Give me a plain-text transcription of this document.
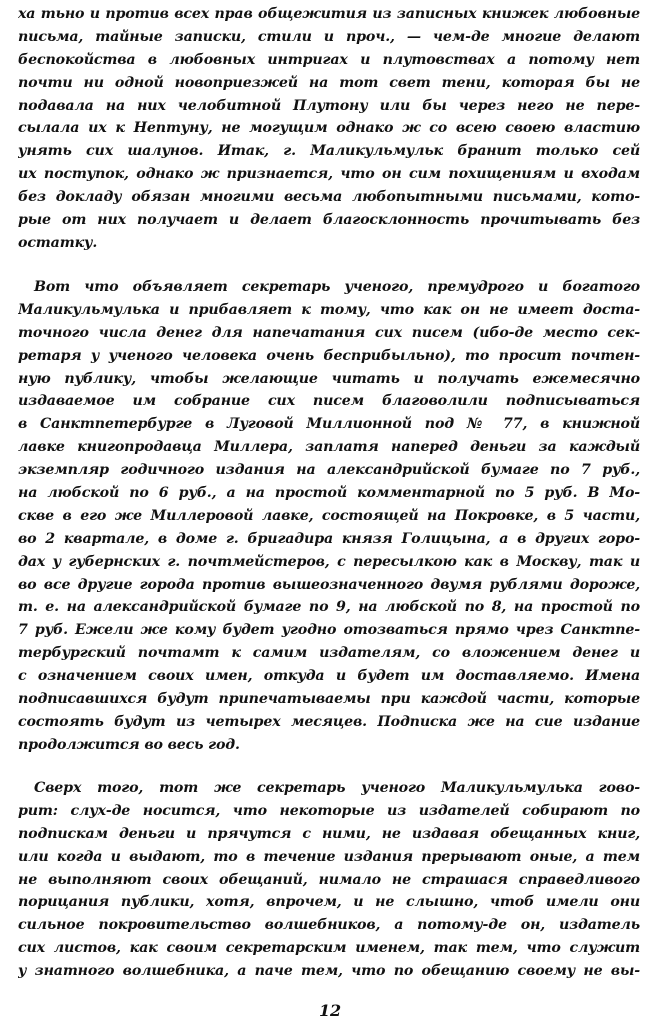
ха тьно и против всех прав общежития из записных книжек любовные
письма, тайные записки, стили и проч., — чем-де многие делают
беспокойства в любовных интригах и плутовствах а потому нет
почти ни одной новоприезжей на тот свет тени, которая бы не
подавала на них челобитной Плутону или бы через него не пере-
сылала их к Нептуну, не могущим однако ж со всею своею властию
унять сих шалунов. Итак, г. Маликульмульк бранит только сей
их поступок, однако ж признается, что он сим похищениям и входам
без докладу обязан многими весьма любопытными письмами, кото-
рые от них получает и делает благосклонность прочитывать без
остатку.
Вот что объявляет секретарь ученого, премудрого и богатого
Маликульмулька и прибавляет к тому, что как он не имеет доста-
точного числа денег для напечатания сих писем (ибо-де место сек-
ретаря у ученого человека очень бесприбыльно), то просит почтен-
ную публику, чтобы желающие читать и получать ежемесячно
издаваемое им собрание сих писем благоволили подписываться
в Санктпетербурге в Луговой Миллионной под № 77, в книжной
лавке книгопродавца Миллера, заплатя наперед деньги за каждый
экземпляр годичного издания на александрийской бумаге по 7 руб.,
на любской по 6 руб., а на простой комментарной по 5 руб. В Мо-
скве в его же Миллеровой лавке, состоящей на Покровке, в 5 части,
во 2 квартале, в доме г. бригадира князя Голицына, а в других горо-
дах у губернских г. почтмейстеров, с пересылкою как в Москву, так и
во все другие города против вышеозначенного двумя рублями дороже,
т. е. на александрийской бумаге по 9, на любской по 8, на простой по
7 руб. Ежели же кому будет угодно отозваться прямо чрез Санктпе-
тербургский почтамт к самим издателям, со вложением денег и
с означением своих имен, откуда и будет им доставляемо. Имена
подписавшихся будут припечатываемы при каждой части, которые
состоять будут из четырех месяцев. Подписка же на сие издание
продолжится во весь год.
Сверх того, тот же секретарь ученого Маликульмулька гово-
рит: слух-де носится, что некоторые из издателей собирают по
подпискам деньги и прячутся с ними, не издавая обещанных книг,
или когда и выдают, то в течение издания прерывают оные, а тем
не выполняют своих обещаний, нимало не страшася справедливого
порицания публики, хотя, впрочем, и не слышно, чтоб имели они
сильное покровительство волшебников, а потому-де он, издатель
сих листов, как своим секретарским именем, так тем, что служит
у знатного волшебника, а паче тем, что по обещанию своему не вы-
12
